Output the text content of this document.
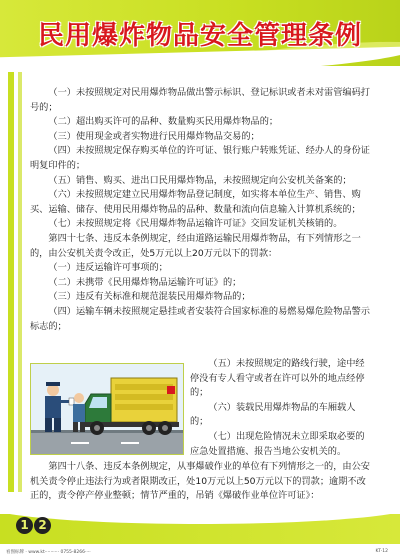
民用爆炸物品安全管理条例

（一）未按照规定对民用爆炸物品做出警示标识、登记标识或者未对雷管编码打号的；

（二）超出购买许可的品种、数量购买民用爆炸物品的；

（三）使用现金或者实物进行民用爆炸物品交易的；

（四）未按照规定保存购买单位的许可证、银行账户转账凭证、经办人的身份证明复印件的；

（五）销售、购买、进出口民用爆炸物品，未按照规定向公安机关备案的；

（六）未按照规定建立民用爆炸物品登记制度，如实将本单位生产、销售、购买、运输、储存、使用民用爆炸物品的品种、数量和流向信息输入计算机系统的；

（七）未按照规定将《民用爆炸物品运输许可证》交回发证机关核销的。

第四十七条、违反本条例规定，经由道路运输民用爆炸物品，有下列情形之一的，由公安机关责令改正，处5万元以上20万元以下的罚款：

（一）违反运输许可事项的；

（二）未携带《民用爆炸物品运输许可证》的；

（三）违反有关标准和规范混装民用爆炸物品的；

（四）运输车辆未按照规定悬挂或者安装符合国家标准的易燃易爆危险物品警示标志的；

（五）未按照规定的路线行驶，途中经停没有专人看守或者在许可以外的地点经停的；

（六）装载民用爆炸物品的车厢载人的；

（七）出现危险情况未立即采取必要的应急处置措施、报告当地公安机关的。

第四十八条、违反本条例规定，从事爆破作业的单位有下列情形之一的，由公安机关责令停止违法行为或者限期改正，处10万元以上50万元以下的罚款；逾期不改正的，责令停产停业整顿；情节严重的，吊销《爆破作业单位许可证》：

1 2
看图标牌 · www.kt·········· 0755-8266····	KT·12
